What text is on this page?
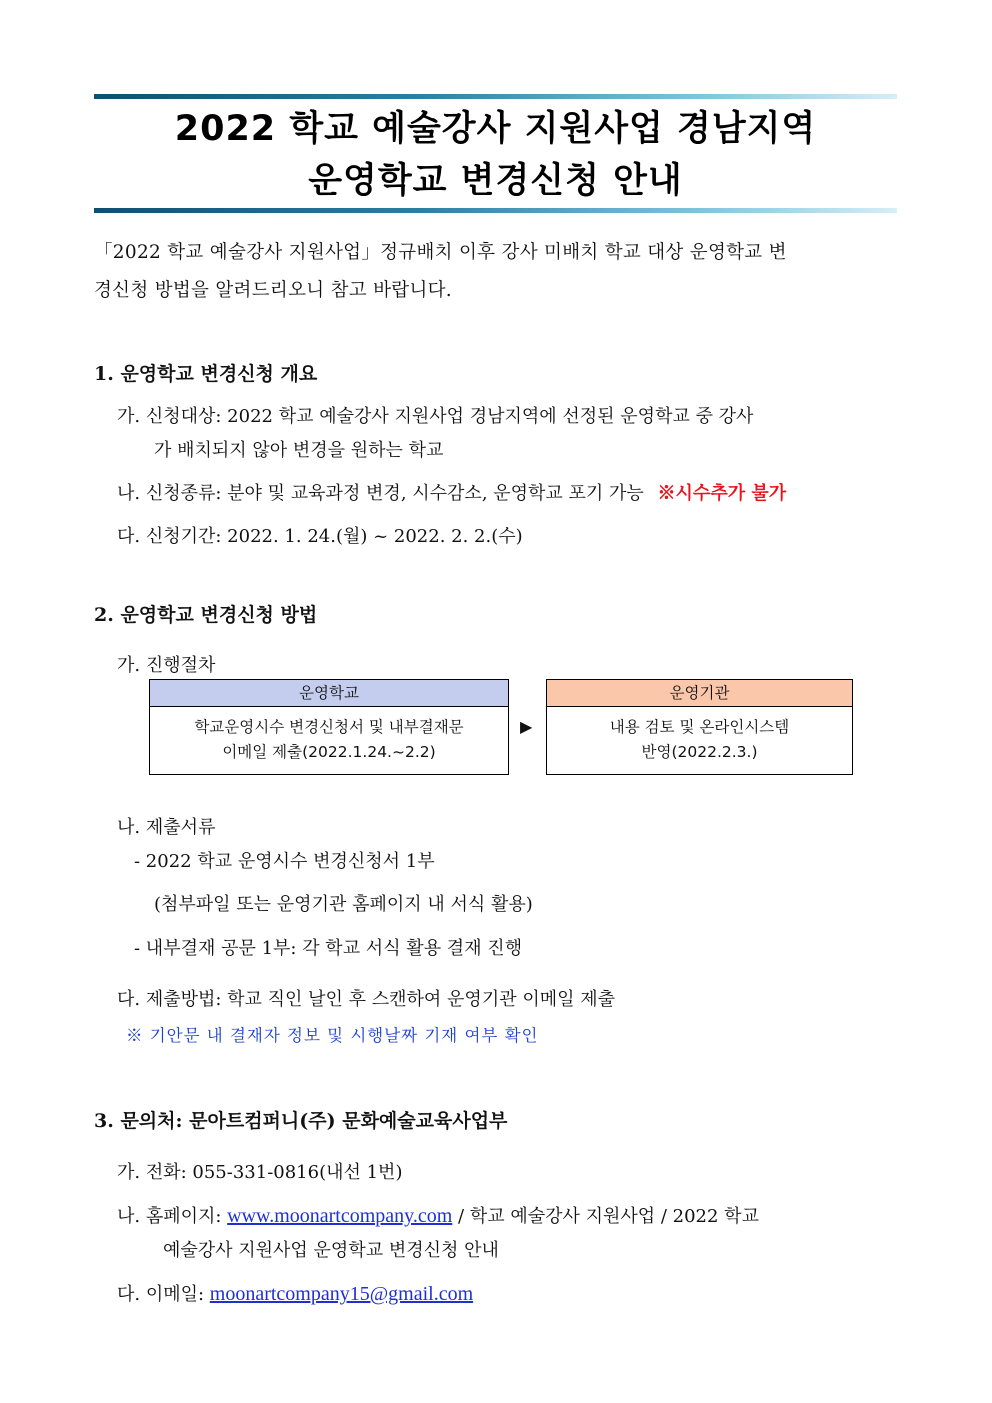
2022 학교 예술강사 지원사업 경남지역
운영학교 변경신청 안내
「2022 학교 예술강사 지원사업」정규배치 이후 강사 미배치 학교 대상 운영학교 변
경신청 방법을 알려드리오니 참고 바랍니다.
1. 운영학교 변경신청 개요
가. 신청대상: 2022 학교 예술강사 지원사업 경남지역에 선정된 운영학교 중 강사
가 배치되지 않아 변경을 원하는 학교
나. 신청종류: 분야 및 교육과정 변경, 시수감소, 운영학교 포기 가능 ※시수추가 불가
다. 신청기간: 2022. 1. 24.(월) ~ 2022. 2. 2.(수)
2. 운영학교 변경신청 방법
가. 진행절차
운영학교
학교운영시수 변경신청서 및 내부결재문
이메일 제출(2022.1.24.~2.2)
▶
운영기관
내용 검토 및 온라인시스템
반영(2022.2.3.)
나. 제출서류
- 2022 학교 운영시수 변경신청서 1부
(첨부파일 또는 운영기관 홈페이지 내 서식 활용)
- 내부결재 공문 1부: 각 학교 서식 활용 결재 진행
다. 제출방법: 학교 직인 날인 후 스캔하여 운영기관 이메일 제출
※ 기안문 내 결재자 정보 및 시행날짜 기재 여부 확인
3. 문의처: 문아트컴퍼니(주) 문화예술교육사업부
가. 전화: 055-331-0816(내선 1번)
나. 홈페이지: www.moonartcompany.com / 학교 예술강사 지원사업 / 2022 학교
예술강사 지원사업 운영학교 변경신청 안내
다. 이메일: moonartcompany15@gmail.com
